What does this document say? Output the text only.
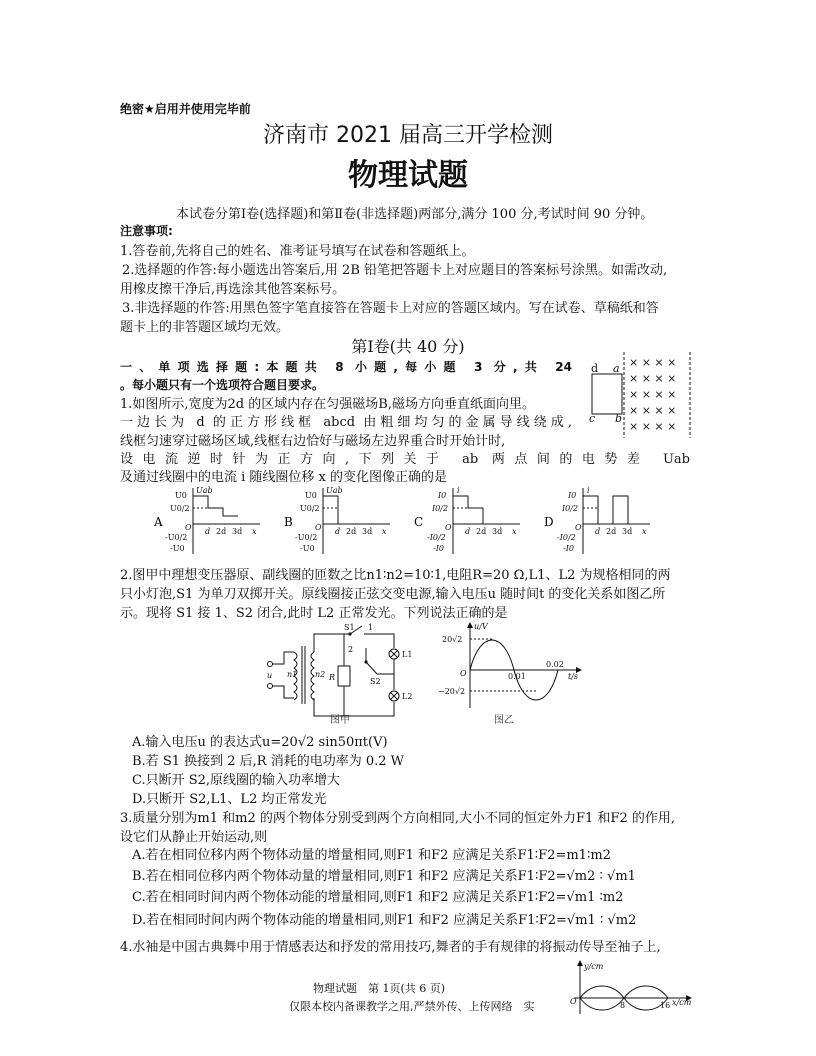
绝密★启用并使用完毕前
济南市 2021 届高三开学检测
物理试题
本试卷分第Ⅰ卷(选择题)和第Ⅱ卷(非选择题)两部分,满分 100 分,考试时间 90 分钟。
注意事项:
1.答卷前,先将自己的姓名、准考证号填写在试卷和答题纸上。
2.选择题的作答:每小题选出答案后,用 2B 铅笔把答题卡上对应题目的答案标号涂黑。如需改动,
用橡皮擦干净后,再选涂其他答案标号。
3.非选择题的作答:用黑色签字笔直接答在答题卡上对应的答题区域内。写在试卷、草稿纸和答
题卡上的非答题区域均无效。
第Ⅰ卷(共 40 分)
一、单项选择题:本题共 8 小题,每小题 3 分,共 24
。每小题只有一个选项符合题目要求。
1.如图所示,宽度为2d 的区域内存在匀强磁场B,磁场方向垂直纸面向里。
一边长为 d 的正方形线框 abcd 由粗细均匀的金属导线绕成,
线框匀速穿过磁场区域,线框右边恰好与磁场左边界重合时开始计时,
设电流逆时针为正方向,下列关于 ab 两点间的电势差 Uab
及通过线圈中的电流 i 随线圈位移 x 的变化图像正确的是
d a
c b
× × × ×
× × × ×
× × × ×
× × × ×
× × × ×
A
U0
Uab
U0/2
O
-U0/2
-U0
d 2d 3d x
B
U0
Uab
U0/2
O
-U0/2
-U0
d 2d 3d x
C
I0
i
I0/2
O
-I0/2
-I0
d 2d 3d x
D
I0
i
I0/2
O
-I0/2
-I0
d 2d 3d x
2.图甲中理想变压器原、副线圈的匝数之比n1∶n2=10∶1,电阻R=20 Ω,L1、L2 为规格相同的两
只小灯泡,S1 为单刀双掷开关。原线圈接正弦交变电源,输入电压u 随时间t 的变化关系如图乙所
示。现将 S1 接 1、S2 闭合,此时 L2 正常发光。下列说法正确的是
S1 1
2
u n1 n2 R	S2
L1
L2
图甲
u/V
20√2
O	0.01
0.02
t/s
−20√2
图乙
A.输入电压u 的表达式u=20√2 sin50πt(V)
B.若 S1 换接到 2 后,R 消耗的电功率为 0.2 W
C.只断开 S2,原线圈的输入功率增大
D.只断开 S2,L1、L2 均正常发光
3.质量分别为m1 和m2 的两个物体分别受到两个方向相同,大小不同的恒定外力F1 和F2 的作用,
设它们从静止开始运动,则
A.若在相同位移内两个物体动量的增量相同,则F1 和F2 应满足关系F1∶F2=m1∶m2
B.若在相同位移内两个物体动量的增量相同,则F1 和F2 应满足关系F1∶F2=√m2 ∶ √m1
C.若在相同时间内两个物体动能的增量相同,则F1 和F2 应满足关系F1∶F2=√m1 ∶m2
D.若在相同时间内两个物体动能的增量相同,则F1 和F2 应满足关系F1∶F2=√m1 ∶ √m2
4.水袖是中国古典舞中用于情感表达和抒发的常用技巧,舞者的手有规律的将振动传导至袖子上,
y/cm
O	8	16 x/cm
物理试题　第 1页(共 6 页)
仅限本校内备课教学之用,严禁外传、上传网络　实
